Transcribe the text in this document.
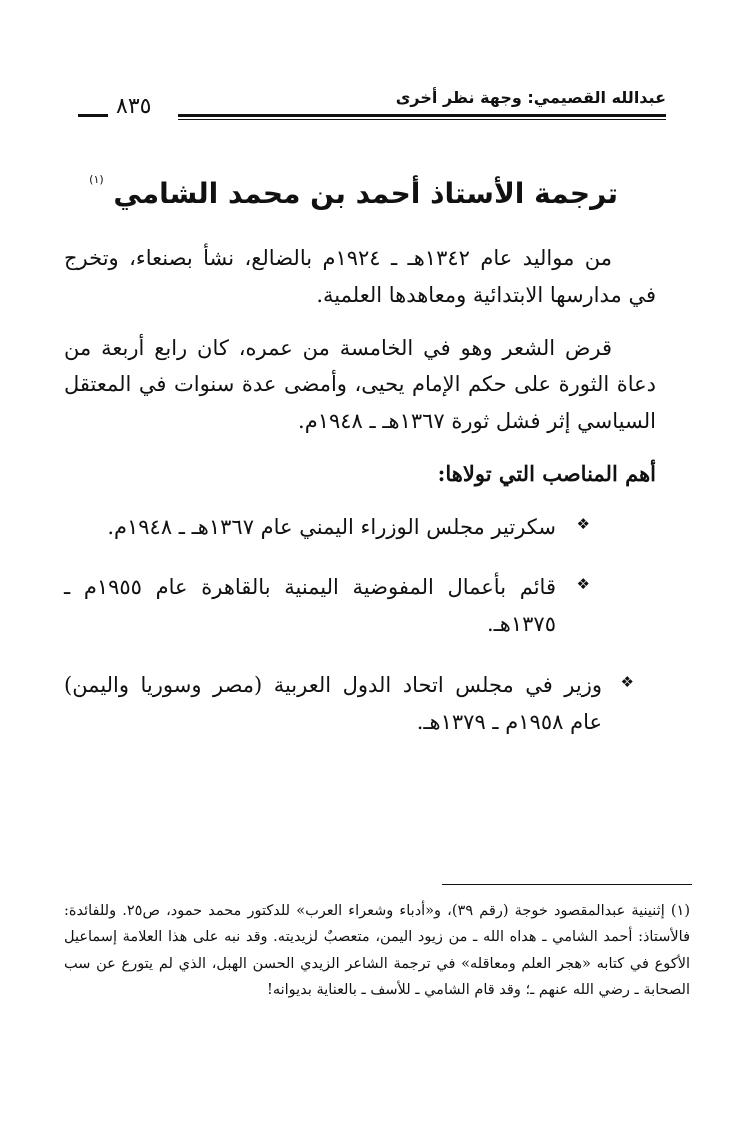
عبدالله القصيمي: وجهة نظر أخرى
٨٣٥
ترجمة الأستاذ أحمد بن محمد الشامي $^{(١)}$

من مواليد عام ١٣٤٢هـ ـ ١٩٢٤م بالضالع، نشأ بصنعاء، وتخرج في مدارسها الابتدائية ومعاهدها العلمية.

قرض الشعر وهو في الخامسة من عمره، كان رابع أربعة من دعاة الثورة على حكم الإمام يحيى، وأمضى عدة سنوات في المعتقل السياسي إثر فشل ثورة ١٣٦٧هـ ـ ١٩٤٨م.

أهم المناصب التي تولاها:

❖
سكرتير مجلس الوزراء اليمني عام ١٣٦٧هـ ـ ١٩٤٨م.
❖
قائم بأعمال المفوضية اليمنية بالقاهرة عام ١٩٥٥م ـ ١٣٧٥هـ.
❖
وزير في مجلس اتحاد الدول العربية (مصر وسوريا واليمن) عام ١٩٥٨م ـ ١٣٧٩هـ.

(١) إثنينية عبدالمقصود خوجة (رقم ٣٩)، و«أدباء وشعراء العرب» للدكتور محمد حمود، ص٢٥. وللفائدة: فالأستاذ: أحمد الشامي ـ هداه الله ـ من زيود اليمن، متعصبٌ لزيديته. وقد نبه على هذا العلامة إسماعيل الأكوع في كتابه «هجر العلم ومعاقله» في ترجمة الشاعر الزيدي الحسن الهبل، الذي لم يتورع عن سب الصحابة ـ رضي الله عنهم ـ؛ وقد قام الشامي ـ للأسف ـ بالعناية بديوانه!
